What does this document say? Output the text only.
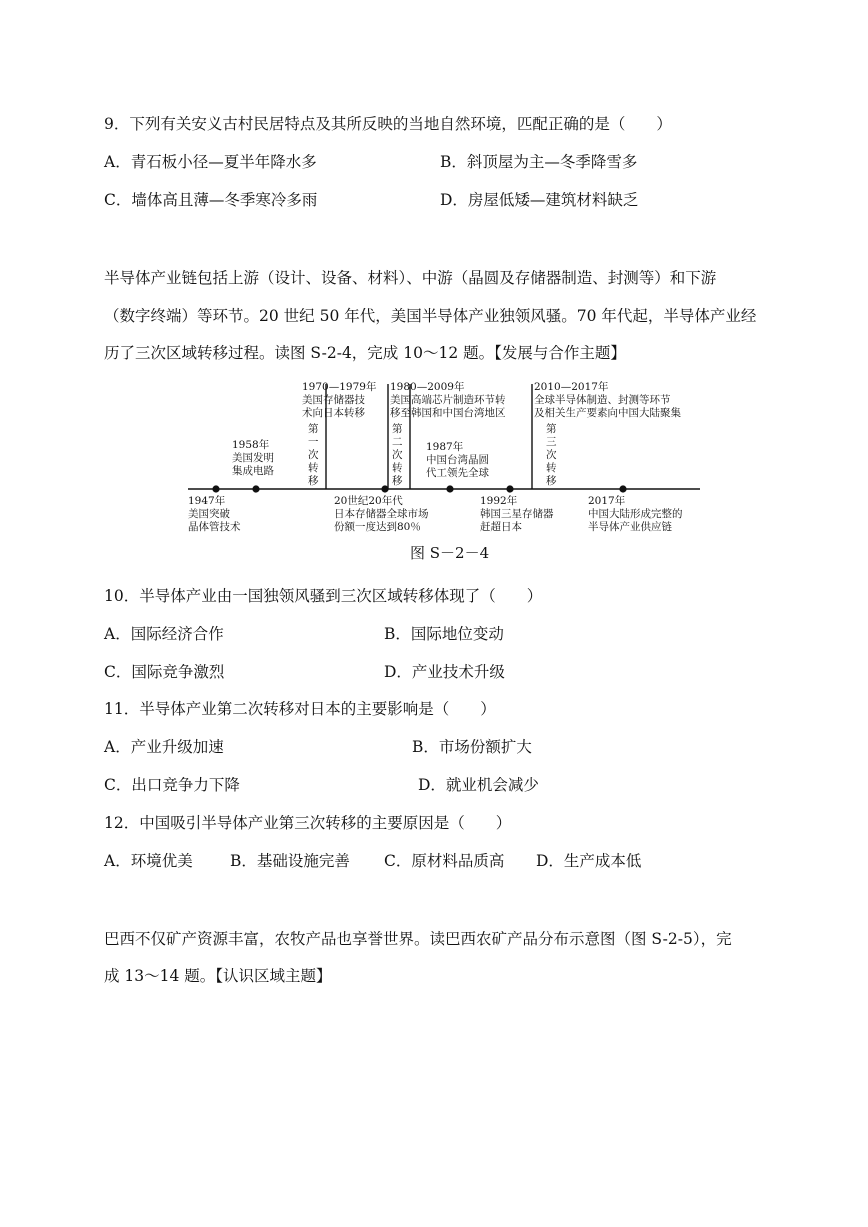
9．下列有关安义古村民居特点及其所反映的当地自然环境，匹配正确的是（　　）
A．青石板小径—夏半年降水多	B．斜顶屋为主—冬季降雪多
C．墙体高且薄—冬季寒冷多雨	D．房屋低矮—建筑材料缺乏
半导体产业链包括上游（设计、设备、材料）、中游（晶圆及存储器制造、封测等）和下游
（数字终端）等环节。20 世纪 50 年代，美国半导体产业独领风骚。70 年代起，半导体产业经
历了三次区域转移过程。读图 S-2-4，完成 10～12 题。【发展与合作主题】
1970—1979年
美国存储器技
术向日本转移
第
一
次
转
移
1980—2009年
美国高端芯片制造环节转
移至韩国和中国台湾地区
第
二
次
转
移
2010—2017年
全球半导体制造、封测等环节
及相关生产要素向中国大陆聚集
第
三
次
转
移
1958年
美国发明
集成电路
1987年
中国台湾晶圆
代工领先全球
1947年
美国突破
晶体管技术
20世纪20年代
日本存储器全球市场
份额一度达到80％
1992年
韩国三星存储器
赶超日本
2017年
中国大陆形成完整的
半导体产业供应链
图 S－2－4
10．半导体产业由一国独领风骚到三次区域转移体现了（　　）
A．国际经济合作	B．国际地位变动
C．国际竞争激烈	D．产业技术升级
11．半导体产业第二次转移对日本的主要影响是（　　）
A．产业升级加速	B．市场份额扩大
C．出口竞争力下降	D．就业机会减少
12．中国吸引半导体产业第三次转移的主要原因是（　　）
A．环境优美 B．基础设施完善 C．原材料品质高 D．生产成本低
巴西不仅矿产资源丰富，农牧产品也享誉世界。读巴西农矿产品分布示意图（图 S-2-5），完
成 13～14 题。【认识区域主题】
